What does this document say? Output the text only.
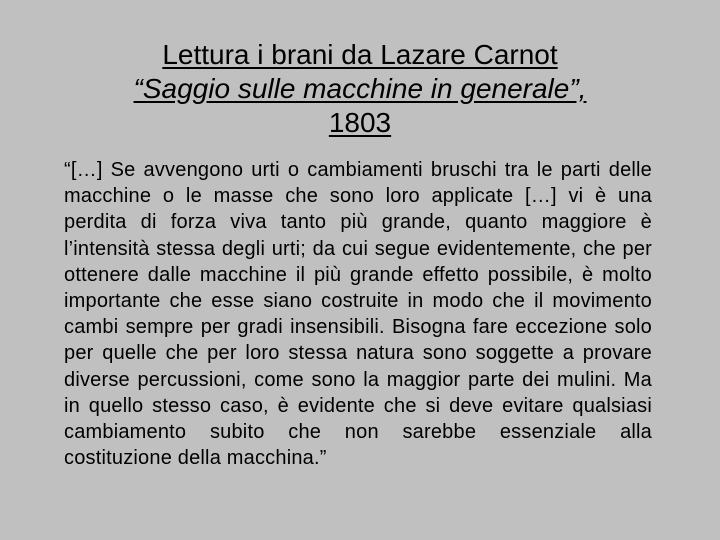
Lettura i brani da Lazare Carnot
“Saggio sulle macchine in generale”,
1803
“[…] Se avvengono urti o cambiamenti bruschi tra le parti delle macchine o le masse che sono loro applicate […] vi è una perdita di forza viva tanto più grande, quanto maggiore è l’intensità stessa degli urti; da cui segue evidentemente, che per ottenere dalle macchine il più grande effetto possibile, è molto importante che esse siano costruite in modo che il movimento cambi sempre per gradi insensibili. Bisogna fare eccezione solo per quelle che per loro stessa natura sono soggette a provare diverse percussioni, come sono la maggior parte dei mulini. Ma in quello stesso caso, è evidente che si deve evitare qualsiasi cambiamento subito che non sarebbe essenziale alla costituzione della macchina.”
